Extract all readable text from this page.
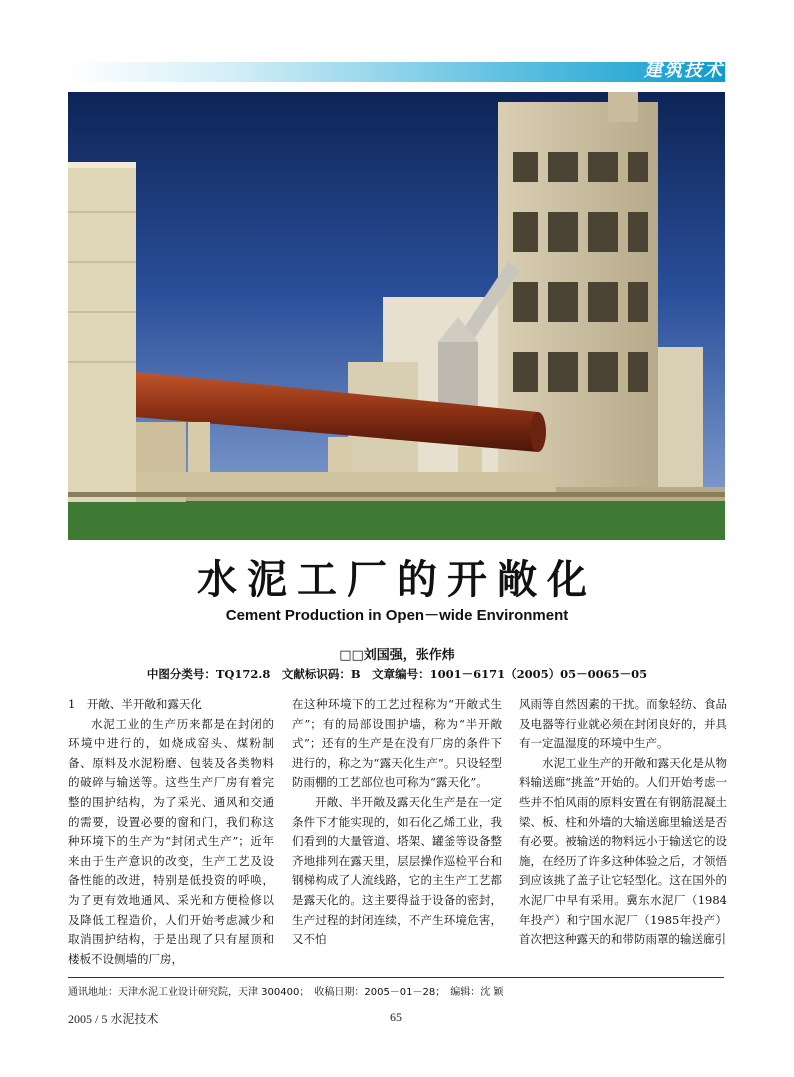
建筑技术
水泥工厂的开敞化
Cement Production in Open－wide Environment
□□刘国强，张作炜
中图分类号：TQ172.8　文献标识码：B　文章编号：1001－6171（2005）05－0065－05

1　开敞、半开敞和露天化

水泥工业的生产历来都是在封闭的环境中进行的，如烧成窑头、煤粉制备、原料及水泥粉磨、包装及各类物料的破碎与输送等。这些生产厂房有着完整的围护结构，为了采光、通风和交通的需要，设置必要的窗和门，我们称这种环境下的生产为“封闭式生产”；近年来由于生产意识的改变，生产工艺及设备性能的改进，特别是低投资的呼唤，为了更有效地通风、采光和方便检修以及降低工程造价，人们开始考虑减少和取消围护结构，于是出现了只有屋顶和楼板不设侧墙的厂房，

在这种环境下的工艺过程称为“开敞式生产”；有的局部设围护墙，称为“半开敞式”；还有的生产是在没有厂房的条件下进行的，称之为“露天化生产”。只设轻型防雨棚的工艺部位也可称为“露天化”。

开敞、半开敞及露天化生产是在一定条件下才能实现的，如石化乙烯工业，我们看到的大量管道、塔架、罐釜等设备整齐地排列在露天里，层层操作巡检平台和钢梯构成了人流线路，它的主生产工艺都是露天化的。这主要得益于设备的密封，生产过程的封闭连续，不产生环境危害，又不怕

风雨等自然因素的干扰。而象轻纺、食品及电器等行业就必须在封闭良好的，并具有一定温湿度的环境中生产。

水泥工业生产的开敞和露天化是从物料输送廊“挑盖”开始的。人们开始考虑一些并不怕风雨的原料安置在有钢筋混凝土梁、板、柱和外墙的大输送廊里输送是否有必要。被输送的物料远小于输送它的设施，在经历了许多这种体验之后，才领悟到应该挑了盖子让它轻型化。这在国外的水泥厂中早有采用。冀东水泥厂（1984年投产）和宁国水泥厂（1985年投产）首次把这种露天的和带防雨罩的输送廊引

通讯地址：天津水泥工业设计研究院，天津 300400；　收稿日期：2005－01－28；　编辑：沈 颖
2005 / 5 水泥技术	65
